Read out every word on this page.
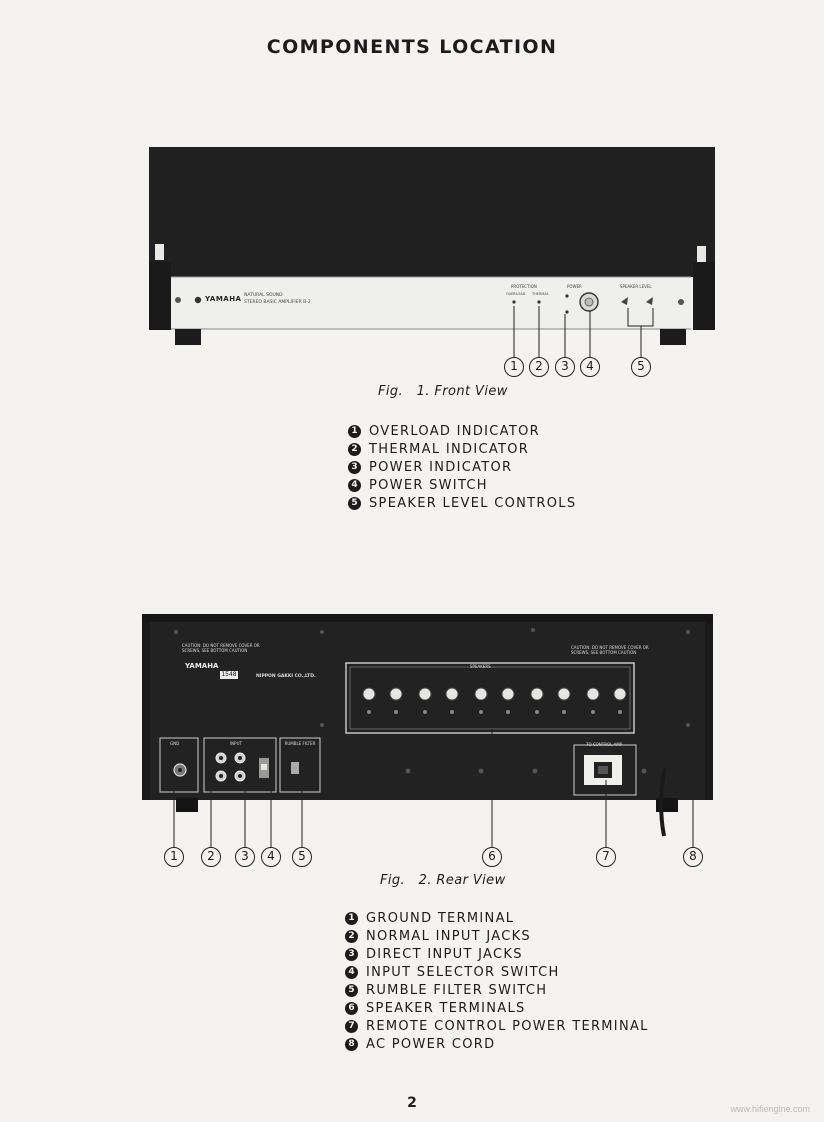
COMPONENTS LOCATION
YAMAHA NATURAL SOUND
STEREO BASIC AMPLIFIER B-2
PROTECTION
OVERLOAD THERMAL
POWER	SPEAKER LEVEL
CAUTION: DO NOT REMOVE COVER OR SCREWS, SEE BOTTOM CAUTION
YAMAHA
1548	NIPPON GAKKI CO.,LTD.
CAUTION: DO NOT REMOVE COVER OR SCREWS, SEE BOTTOM CAUTION
GND	INPUT	RUMBLE FILTER
SPEAKERS
TO CONTROL AMP
1	2	3	4	5
Fig.   1. Front View
1 OVERLOAD INDICATOR
2 THERMAL INDICATOR
3 POWER INDICATOR
4 POWER SWITCH
5 SPEAKER LEVEL CONTROLS
1	2	3	4	5	6	7	8
Fig.   2. Rear View
1 GROUND TERMINAL
2 NORMAL INPUT JACKS
3 DIRECT INPUT JACKS
4 INPUT SELECTOR SWITCH
5 RUMBLE FILTER SWITCH
6 SPEAKER TERMINALS
7 REMOTE CONTROL POWER TERMINAL
8 AC POWER CORD
2	www.hifiengine.com
